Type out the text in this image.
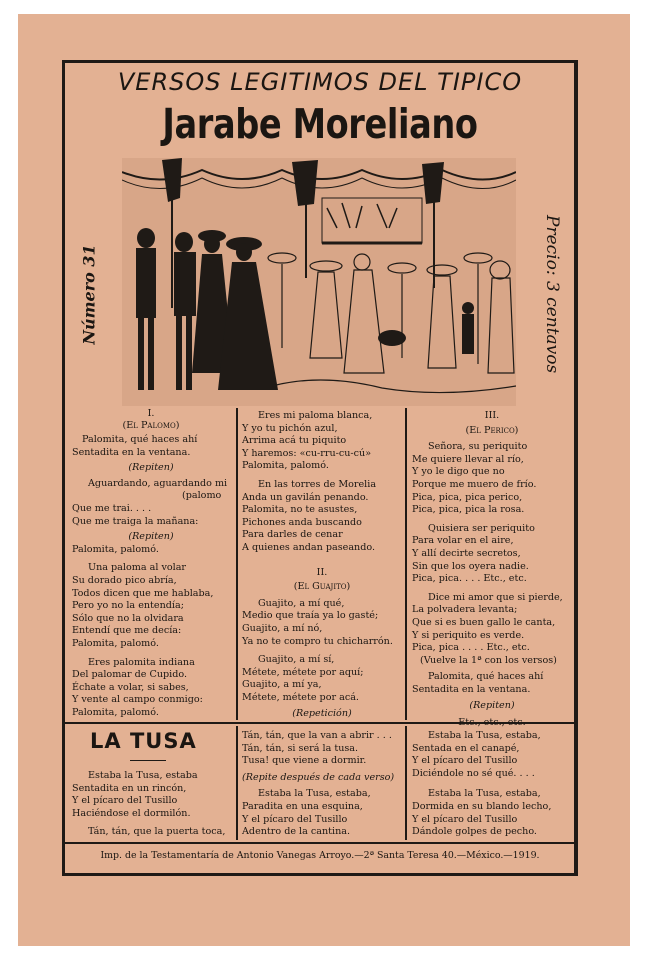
VERSOS LEGITIMOS DEL TIPICO
Jarabe Moreliano
Número 31	Precio: 3 centavos
I.
(El Palomo)
Palomita, qué haces ahí
Sentadita en la ventana.
(Repiten)
Aguardando, aguardando mi
(palomo
Que me trai. . . .
Que me traiga la mañana:
(Repiten)
Palomita, palomó.
Una paloma al volar
Su dorado pico abría,
Todos dicen que me hablaba,
Pero yo no la entendía;
Sólo que no la olvidara
Entendí que me decía:
Palomita, palomó.
Eres palomita indiana
Del palomar de Cupido.
Échate a volar, si sabes,
Y vente al campo conmigo:
Palomita, palomó.
Eres mi paloma blanca,
Y yo tu pichón azul,
Arrima acá tu piquito
Y haremos: «cu-rru-cu-cú»
Palomita, palomó.
En las torres de Morelia
Anda un gavilán penando.
Palomita, no te asustes,
Pichones anda buscando
Para darles de cenar
A quienes andan paseando.
II.
(El Guajito)
Guajito, a mí qué,
Medio que traía ya lo gasté;
Guajito, a mí nó,
Ya no te compro tu chicharrón.
Guajito, a mí sí,
Métete, métete por aquí;
Guajito, a mí ya,
Métete, métete por acá.
(Repetición)
III.
(El Perico)
Señora, su periquito
Me quiere llevar al río,
Y yo le digo que no
Porque me muero de frío.
Pica, pica, pica perico,
Pica, pica, pica la rosa.
Quisiera ser periquito
Para volar en el aire,
Y allí decirte secretos,
Sin que los oyera nadie.
Pica, pica. . . . Etc., etc.
Dice mi amor que si pierde,
La polvadera levanta;
Que si es buen gallo le canta,
Y si periquito es verde.
Pica, pica . . . . Etc., etc.
(Vuelve la 1ª con los versos)
Palomita, qué haces ahí
Sentadita en la ventana.
(Repiten)
Etc., etc., etc.
LA TUSA
Estaba la Tusa, estaba
Sentadita en un rincón,
Y el pícaro del Tusillo
Haciéndose el dormilón.
Tán, tán, que la puerta toca,
Tán, tán, que la van a abrir . . .
Tán, tán, si será la tusa.
Tusa! que viene a dormir.
(Repite después de cada verso)
Estaba la Tusa, estaba,
Paradita en una esquina,
Y el pícaro del Tusillo
Adentro de la cantina.
Estaba la Tusa, estaba,
Sentada en el canapé,
Y el pícaro del Tusillo
Diciéndole no sé qué. . . .
Estaba la Tusa, estaba,
Dormida en su blando lecho,
Y el pícaro del Tusillo
Dándole golpes de pecho.
Imp. de la Testamentaría de Antonio Vanegas Arroyo.—2ª Santa Teresa 40.—México.—1919.
